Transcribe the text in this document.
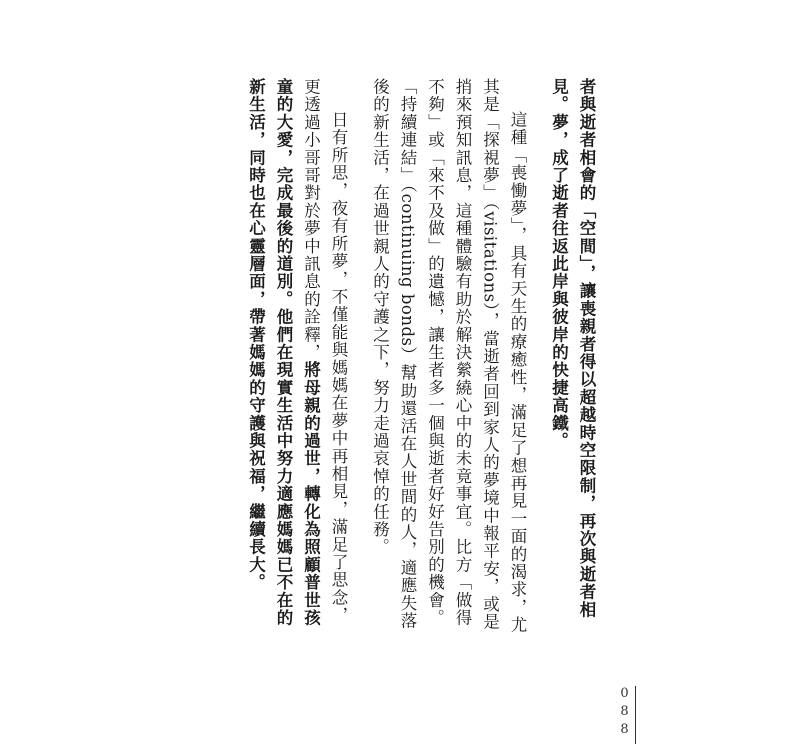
者與逝者相會的「空間」，讓喪親者得以超越時空限制，再次與逝者相見。夢，成了逝者往返此岸與彼岸的快捷高鐵。

這種「喪慟夢」，具有天生的療癒性，滿足了想再見一面的渴求，尤其是「探視夢」（visitations），當逝者回到家人的夢境中報平安，或是捎來預知訊息，這種體驗有助於解決縈繞心中的未竟事宜。比方「做得不夠」或「來不及做」的遺憾，讓生者多一個與逝者好好告別的機會。「持續連結」（continuing bonds）幫助還活在人世間的人，適應失落後的新生活，在過世親人的守護之下，努力走過哀悼的任務。

日有所思，夜有所夢，不僅能與媽媽在夢中再相見，滿足了思念，更透過小哥哥對於夢中訊息的詮釋，將母親的過世，轉化為照顧普世孩童的大愛，完成最後的道別。他們在現實生活中努力適應媽媽已不在的新生活，同時也在心靈層面，帶著媽媽的守護與祝福，繼續長大。

088
